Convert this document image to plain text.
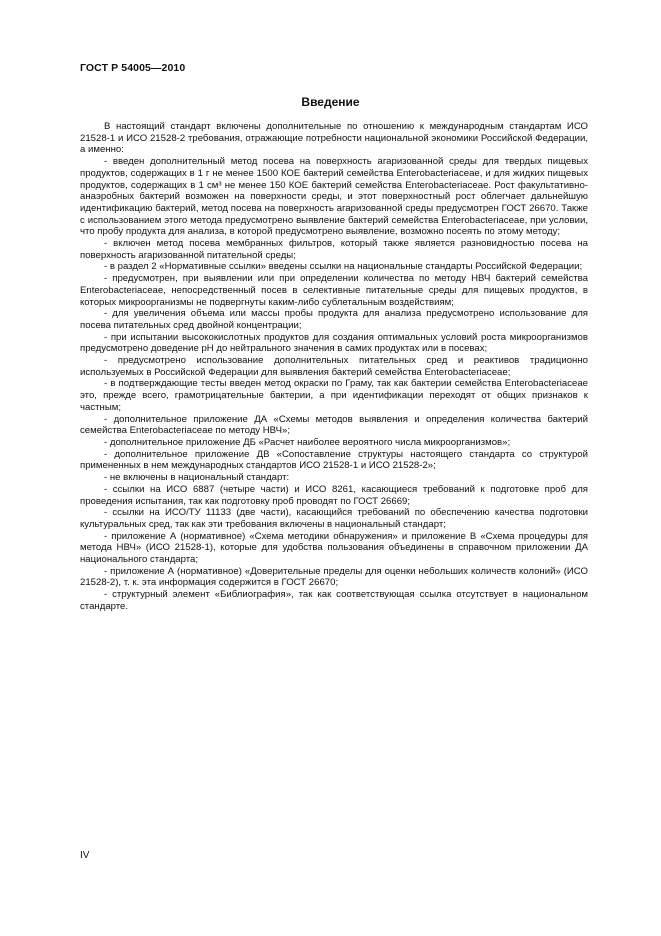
ГОСТ Р 54005—2010
Введение

В настоящий стандарт включены дополнительные по отношению к международным стандартам ИСО 21528-1 и ИСО 21528-2 требования, отражающие потребности национальной экономики Российской Федерации, а именно:

- введен дополнительный метод посева на поверхность агаризованной среды для твердых пищевых продуктов, содержащих в 1 г не менее 1500 КОЕ бактерий семейства Enterobacteriaceae, и для жидких пищевых продуктов, содержащих в 1 см³ не менее 150 КОЕ бактерий семейства Enterobacteriaceae. Рост факультативно-анаэробных бактерий возможен на поверхности среды, и этот поверхностный рост облегчает дальнейшую идентификацию бактерий, метод посева на поверхность агаризованной среды предусмотрен ГОСТ 26670. Также с использованием этого метода предусмотрено выявление бактерий семейства Enterobacteriaceae, при условии, что пробу продукта для анализа, в которой предусмотрено выявление, возможно посеять по этому методу;

- включен метод посева мембранных фильтров, который также является разновидностью посева на поверхность агаризованной питательной среды;

- в раздел 2 «Нормативные ссылки» введены ссылки на национальные стандарты Российской Федерации;

- предусмотрен, при выявлении или при определении количества по методу НВЧ бактерий семейства Enterobacteriaceae, непосредственный посев в селективные питательные среды для пищевых продуктов, в которых микроорганизмы не подвергнуты каким-либо сублетальным воздействиям;

- для увеличения объема или массы пробы продукта для анализа предусмотрено использование для посева питательных сред двойной концентрации;

- при испытании высококислотных продуктов для создания оптимальных условий роста микроорганизмов предусмотрено доведение рН до нейтрального значения в самих продуктах или в посевах;

- предусмотрено использование дополнительных питательных сред и реактивов традиционно используемых в Российской Федерации для выявления бактерий семейства Enterobacteriaceae;

- в подтверждающие тесты введен метод окраски по Граму, так как бактерии семейства Enterobacteriaceae это, прежде всего, грамотрицательные бактерии, а при идентификации переходят от общих признаков к частным;

- дополнительное приложение ДА «Схемы методов выявления и определения количества бактерий семейства Enterobacteriaceae по методу НВЧ»;

- дополнительное приложение ДБ «Расчет наиболее вероятного числа микроорганизмов»;

- дополнительное приложение ДВ «Сопоставление структуры настоящего стандарта со структурой примененных в нем международных стандартов ИСО 21528-1 и ИСО 21528-2»;

- не включены в национальный стандарт:

- ссылки на ИСО 6887 (четыре части) и ИСО 8261, касающиеся требований к подготовке проб для проведения испытания, так как подготовку проб проводят по ГОСТ 26669;

- ссылки на ИСО/ТУ 11133 (две части), касающийся требований по обеспечению качества подготовки культуральных сред, так как эти требования включены в национальный стандарт;

- приложение А (нормативное) «Схема методики обнаружения» и приложение В «Схема процедуры для метода НВЧ» (ИСО 21528-1), которые для удобства пользования объединены в справочном приложении ДА национального стандарта;

- приложение А (нормативное) «Доверительные пределы для оценки небольших количеств колоний» (ИСО 21528-2), т. к. эта информация содержится в ГОСТ 26670;

- структурный элемент «Библиография», так как соответствующая ссылка отсутствует в национальном стандарте.

IV
